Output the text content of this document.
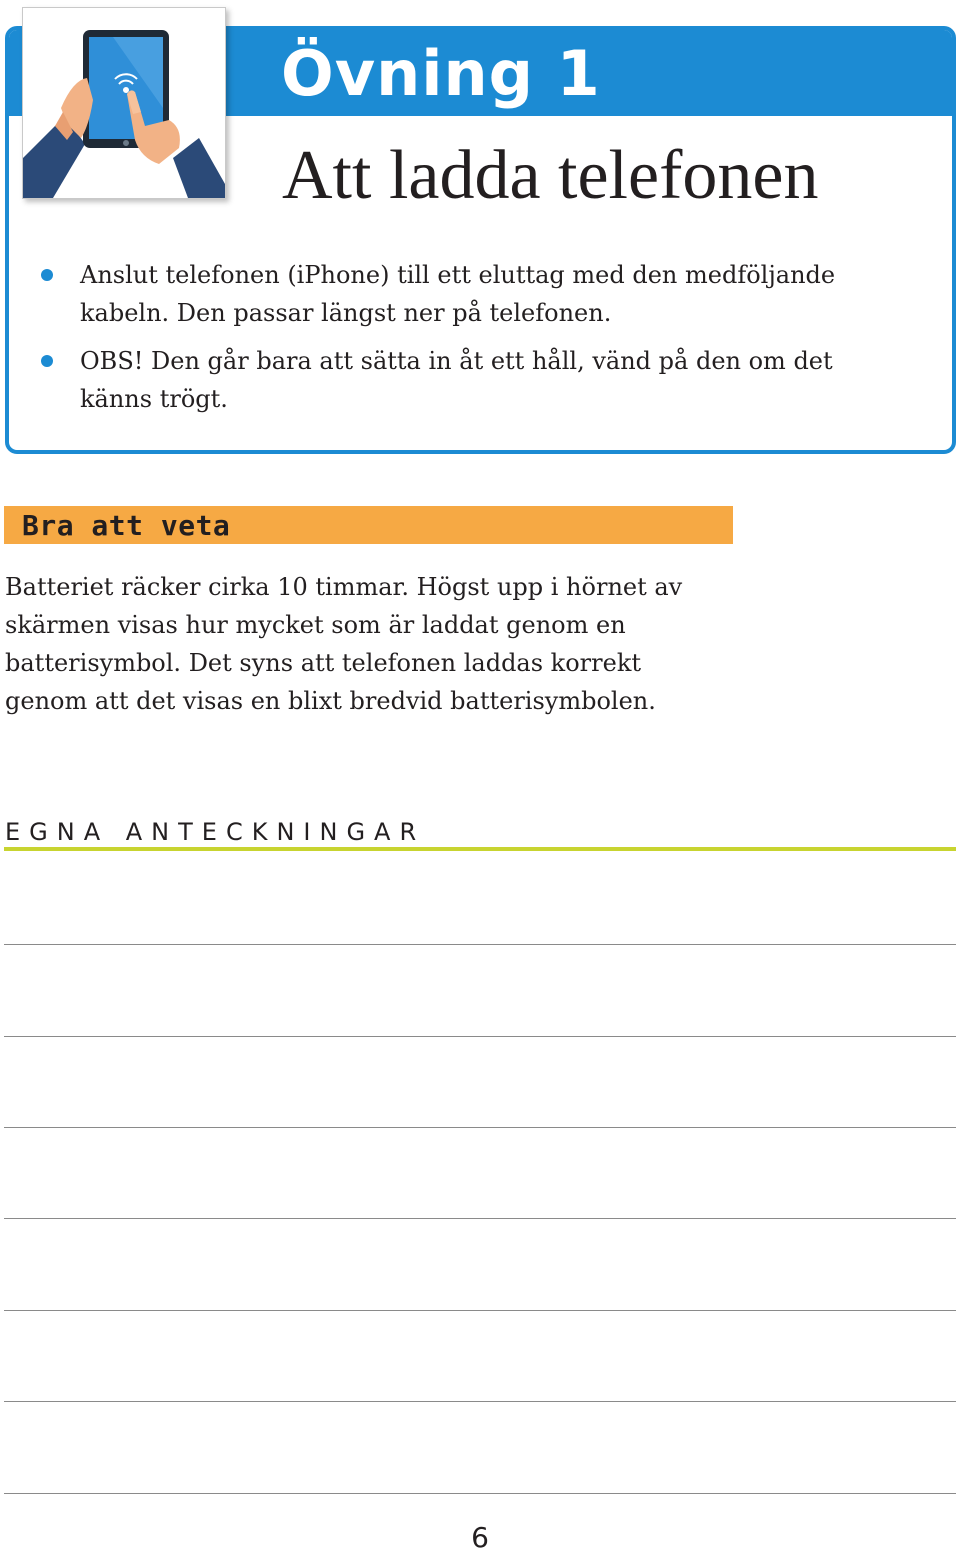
Övning 1
Att ladda telefonen
Anslut telefonen (iPhone) till ett eluttag med den medföljande kabeln. Den passar längst ner på telefonen.
OBS! Den går bara att sätta in åt ett håll, vänd på den om det känns trögt.
Bra att veta

Batteriet räcker cirka 10 timmar. Högst upp i hörnet av skärmen visas hur mycket som är laddat genom en batterisymbol. Det syns att telefonen laddas korrekt genom att det visas en blixt bredvid batterisymbolen.

EGNA ANTECKNINGAR
6
